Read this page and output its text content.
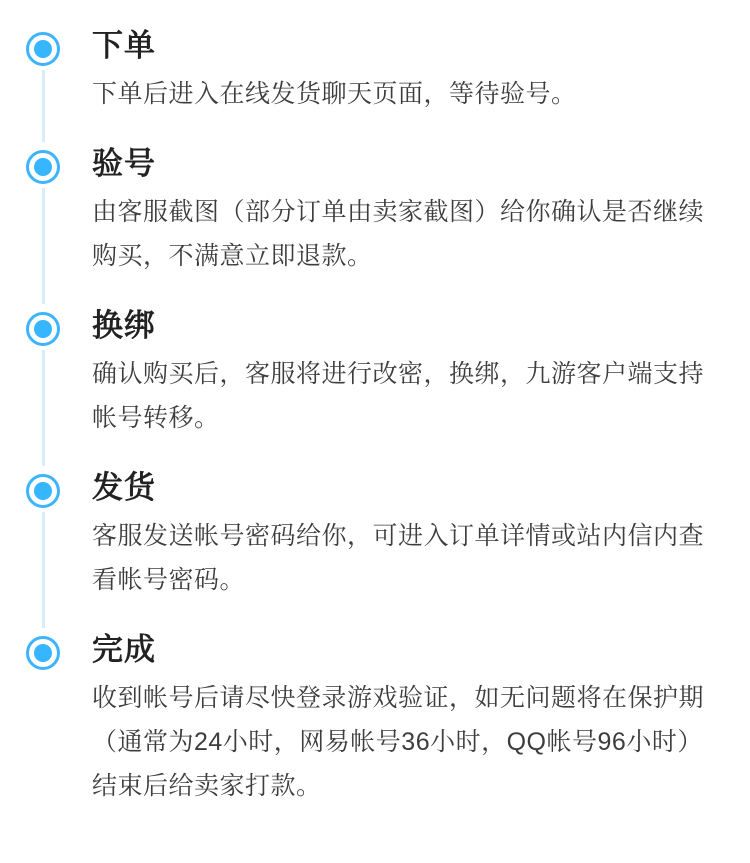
下单
下单后进入在线发货聊天页面，等待验号。
验号
由客服截图（部分订单由卖家截图）给你确认是否继续购买，不满意立即退款。
换绑
确认购买后，客服将进行改密，换绑，九游客户端支持帐号转移。
发货
客服发送帐号密码给你，可进入订单详情或站内信内查看帐号密码。
完成
收到帐号后请尽快登录游戏验证，如无问题将在保护期（通常为24小时，网易帐号36小时，QQ帐号96小时）结束后给卖家打款。
